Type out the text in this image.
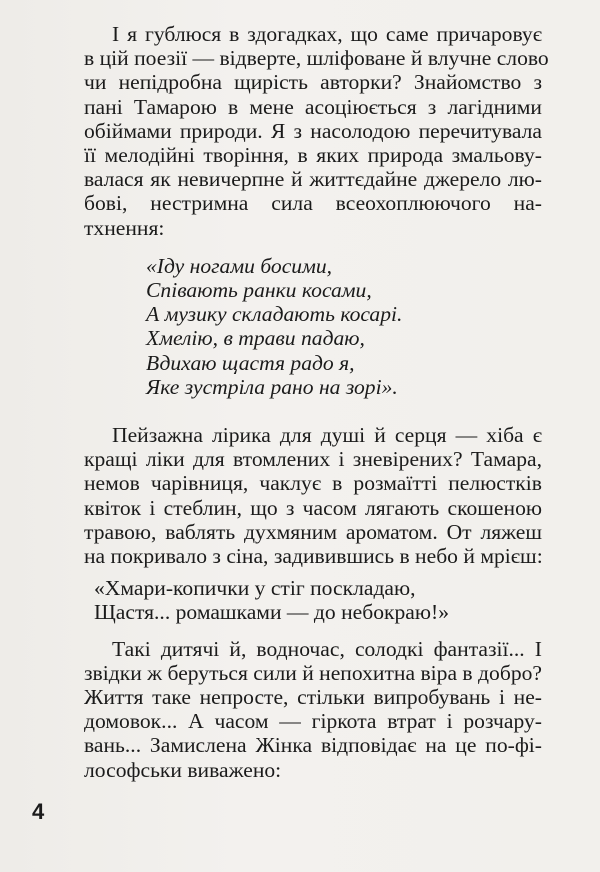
І я гублюся в здогадках, що саме причаровує
в цій поезії — відверте, шліфоване й влучне слово
чи непідробна щирість авторки? Знайомство з
пані Тамарою в мене асоціюється з лагідними
обіймами природи. Я з насолодою перечитувала
її мелодійні творіння, в яких природа змальову-
валася як невичерпне й життєдайне джерело лю-
бові, нестримна сила всеохоплюючого на-
тхнення:
«Іду ногами босими,
Співають ранки косами,
А музику складають косарі.
Хмелію, в трави падаю,
Вдихаю щастя радо я,
Яке зустріла рано на зорі».
Пейзажна лірика для душі й серця — хіба є
кращі ліки для втомлених і зневірених? Тамара,
немов чарівниця, чаклує в розмаїтті пелюстків
квіток і стеблин, що з часом лягають скошеною
травою, ваблять духмяним ароматом. От ляжеш
на покривало з сіна, задивившись в небо й мрієш:
«Хмари-копички у стіг поскладаю,
Щастя... ромашками — до небокраю!»
Такі дитячі й, водночас, солодкі фантазії... І
звідки ж беруться сили й непохитна віра в добро?
Життя таке непросте, стільки випробувань і не-
домовок... А часом — гіркота втрат і розчару-
вань... Замислена Жінка відповідає на це по-фі-
лософськи виважено:
4
